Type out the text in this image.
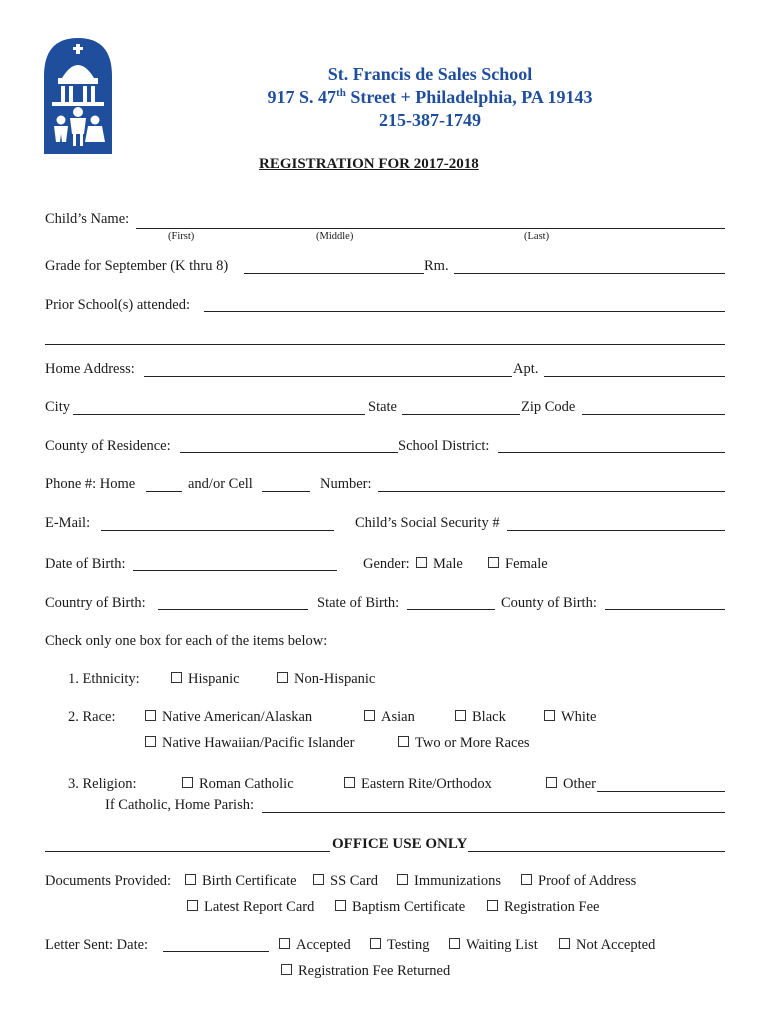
St. Francis de Sales School
917 S. 47th Street + Philadelphia, PA 19143
215-387-1749
REGISTRATION FOR 2017-2018
Child’s Name:
(First)	(Middle)	(Last)
Grade for September (K thru 8)	Rm.
Prior School(s) attended:
Home Address:	Apt.
City	State	Zip Code
County of Residence:	School District:
Phone #: Home	and/or Cell	Number:
E-Mail:	Child’s Social Security #
Date of Birth:	Gender:	Male	Female
Country of Birth:	State of Birth:	County of Birth:
Check only one box for each of the items below:
1. Ethnicity:	Hispanic	Non-Hispanic
2. Race:	Native American/Alaskan	Asian	Black	White
Native Hawaiian/Pacific Islander	Two or More Races
3. Religion:	Roman Catholic	Eastern Rite/Orthodox	Other
If Catholic, Home Parish:
OFFICE USE ONLY
Documents Provided:	Birth Certificate	SS Card	Immunizations	Proof of Address
Latest Report Card	Baptism Certificate	Registration Fee
Letter Sent: Date:	Accepted	Testing	Waiting List	Not Accepted
Registration Fee Returned
